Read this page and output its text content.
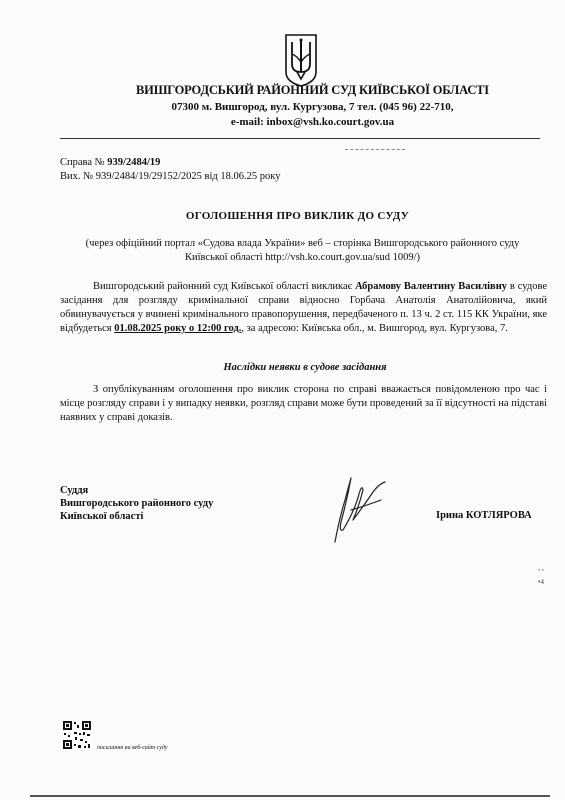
ВИШГОРОДСЬКИЙ РАЙОННИЙ СУД КИЇВСЬКОЇ ОБЛАСТІ
07300 м. Вишгород, вул. Кургузова, 7 тел. (045 96) 22-710,
e-mail: inbox@vsh.ko.court.gov.ua
Справа № 939/2484/19
Вих. № 939/2484/19/29152/2025 від 18.06.25 року
ОГОЛОШЕННЯ ПРО ВИКЛИК ДО СУДУ
(через офіційний портал «Судова влада України» веб – сторінка Вишгородського районного суду
Київської області http://vsh.ko.court.gov.ua/sud 1009/)

Вишгородський районний суд Київської області викликає Абрамову Валентину Василівну в судове засідання для розгляду кримінальної справи відносно Горбача Анатолія Анатолійовича, який обвинувачується у вчинені кримінального правопорушення, передбаченого п. 13 ч. 2 ст. 115 КК України, яке відбудеться 01.08.2025 року о 12:00 год., за адресою: Київська обл., м. Вишгород, вул. Кургузова, 7.

Наслідки неявки в судове засідання

З опублікуванням оголошення про виклик сторона по справі вважається повідомленою про час і місце розгляду справи і у випадку неявки, розгляд справи може бути проведений за її відсутності на підставі наявних у справі доказів.

Суддя
Вишгородського районного суду
Київської області	Ірина КОТЛЯРОВА
• •
•4
посилання на веб-сайт суду
